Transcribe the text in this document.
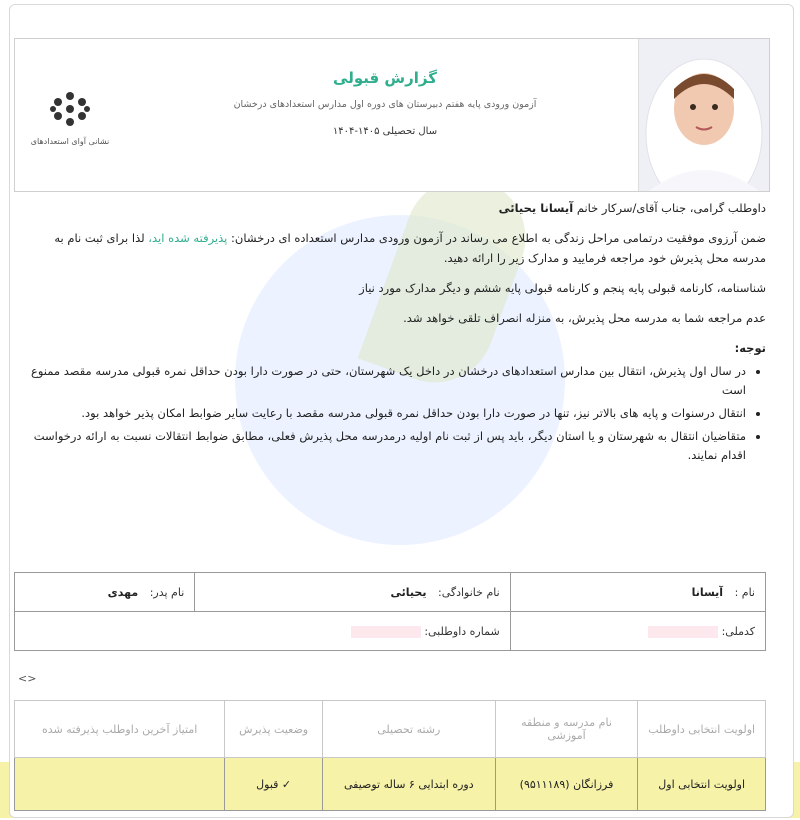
گزارش قبولی
آزمون ورودی پایه هفتم دبیرستان های دوره اول مدارس استعدادهای درخشان
سال تحصیلی ۱۴۰۵-۱۴۰۴
نشانی آوای استعدادهای

داوطلب گرامی، جناب آقای/سرکار خانم آیسانا یحیائی

ضمن آرزوی موفقیت درتمامی مراحل زندگی به اطلاع می رساند در آزمون ورودی مدارس استعداده ای درخشان: پذیرفته شده اید، لذا برای ثبت نام به مدرسه محل پذیرش خود مراجعه فرمایید و مدارک زیر را ارائه دهید.

شناسنامه، کارنامه قبولی پایه پنجم و کارنامه قبولی پایه ششم و دیگر مدارک مورد نیاز

عدم مراجعه شما به مدرسه محل پذیرش، به منزله انصراف تلقی خواهد شد.

توجه:
• در سال اول پذیرش، انتقال بین مدارس استعدادهای درخشان در داخل یک شهرستان، حتی در صورت دارا بودن حداقل نمره قبولی مدرسه مقصد ممنوع است
• انتقال درسنوات و پایه های بالاتر نیز، تنها در صورت دارا بودن حداقل نمره قبولی مدرسه مقصد با رعایت سایر ضوابط امکان پذیر خواهد بود.
• متقاضیان انتقال به شهرستان و یا استان دیگر، باید پس از ثبت نام اولیه درمدرسه محل پذیرش فعلی، مطابق ضوابط انتقالات نسبت به ارائه درخواست اقدام نمایند.
نام : آیسانا	نام خانوادگی: یحیائی	نام پدر: مهدی
کدملی:	شماره داوطلبی:	
<>
اولویت انتخابی داوطلب	نام مدرسه و منطقه آموزشی	رشته تحصیلی	وضعیت پذیرش	امتیاز آخرین داوطلب پذیرفته شده
اولویت انتخابی اول	فرزانگان (۹۵۱۱۱۸۹)	دوره ابتدایی ۶ ساله توصیفی	✓ قبول	
